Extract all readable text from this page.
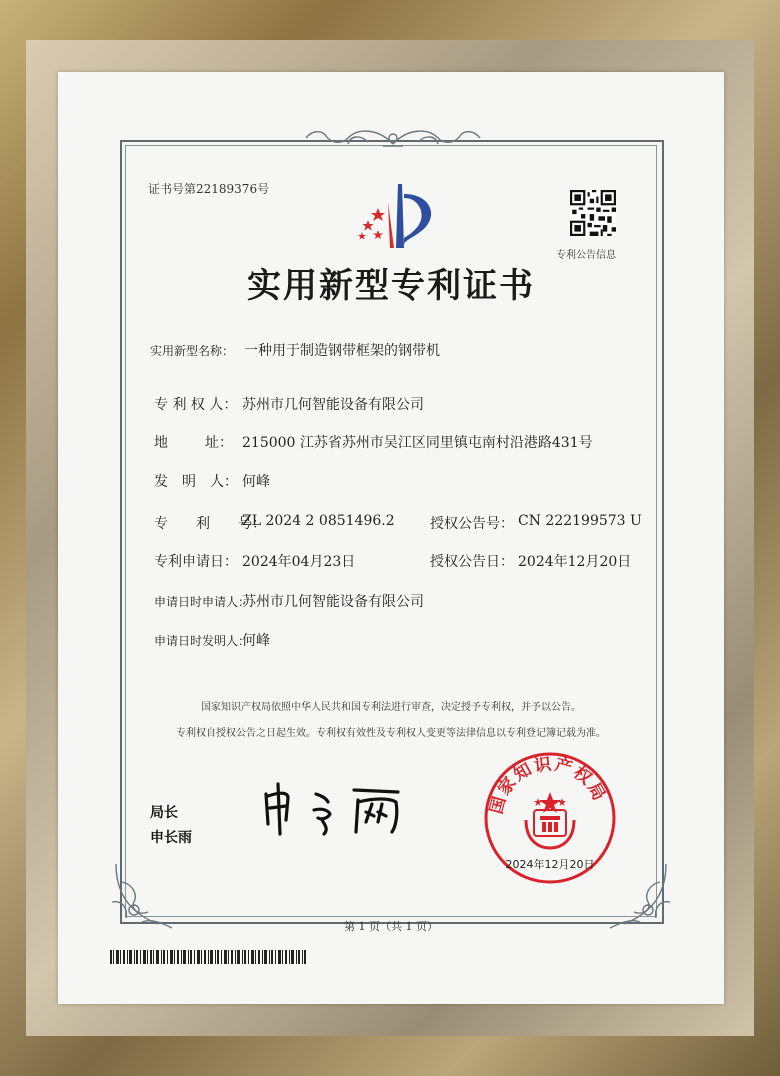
证书号第22189376号
专利公告信息
实用新型专利证书
实用新型名称： 一种用于制造钢带框架的钢带机
专 利 权 人： 苏州市几何智能设备有限公司
地	址： 215000 江苏省苏州市吴江区同里镇屯南村沿港路431号
发　明　人： 何峰
专　　利　　号：
ZL 2024 2 0851496.2	授权公告号： CN 222199573 U
专利申请日： 2024年04月23日	授权公告日： 2024年12月20日
申请日时申请人：
苏州市几何智能设备有限公司
申请日时发明人：
何峰
国家知识产权局依照中华人民共和国专利法进行审查，决定授予专利权，并予以公告。
专利权自授权公告之日起生效。专利权有效性及专利权人变更等法律信息以专利登记簿记载为准。
局长
申长雨
国家知识产权局
2024年12月20日
第 1 页（共 1 页）
